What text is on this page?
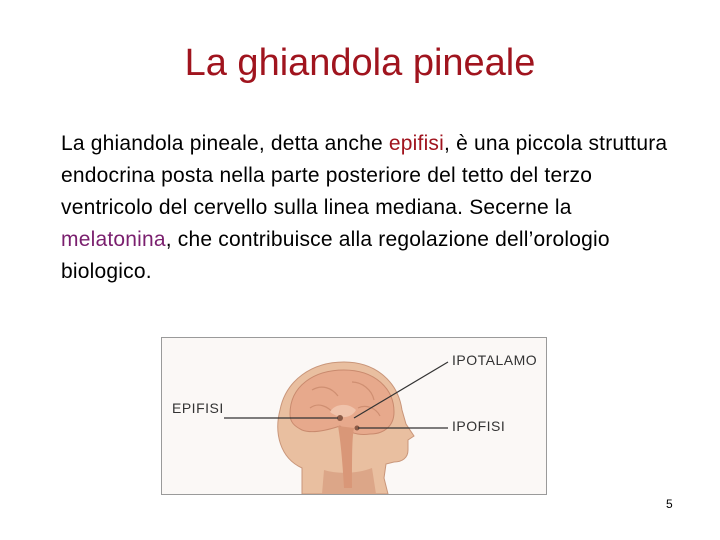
La ghiandola pineale
La ghiandola pineale, detta anche epifisi, è una piccola struttura endocrina posta nella parte posteriore del tetto del terzo ventricolo del cervello sulla linea mediana. Secerne la melatonina, che contribuisce alla regolazione dell’orologio biologico.
EPIFISI
IPOTALAMO
IPOFISI
5
